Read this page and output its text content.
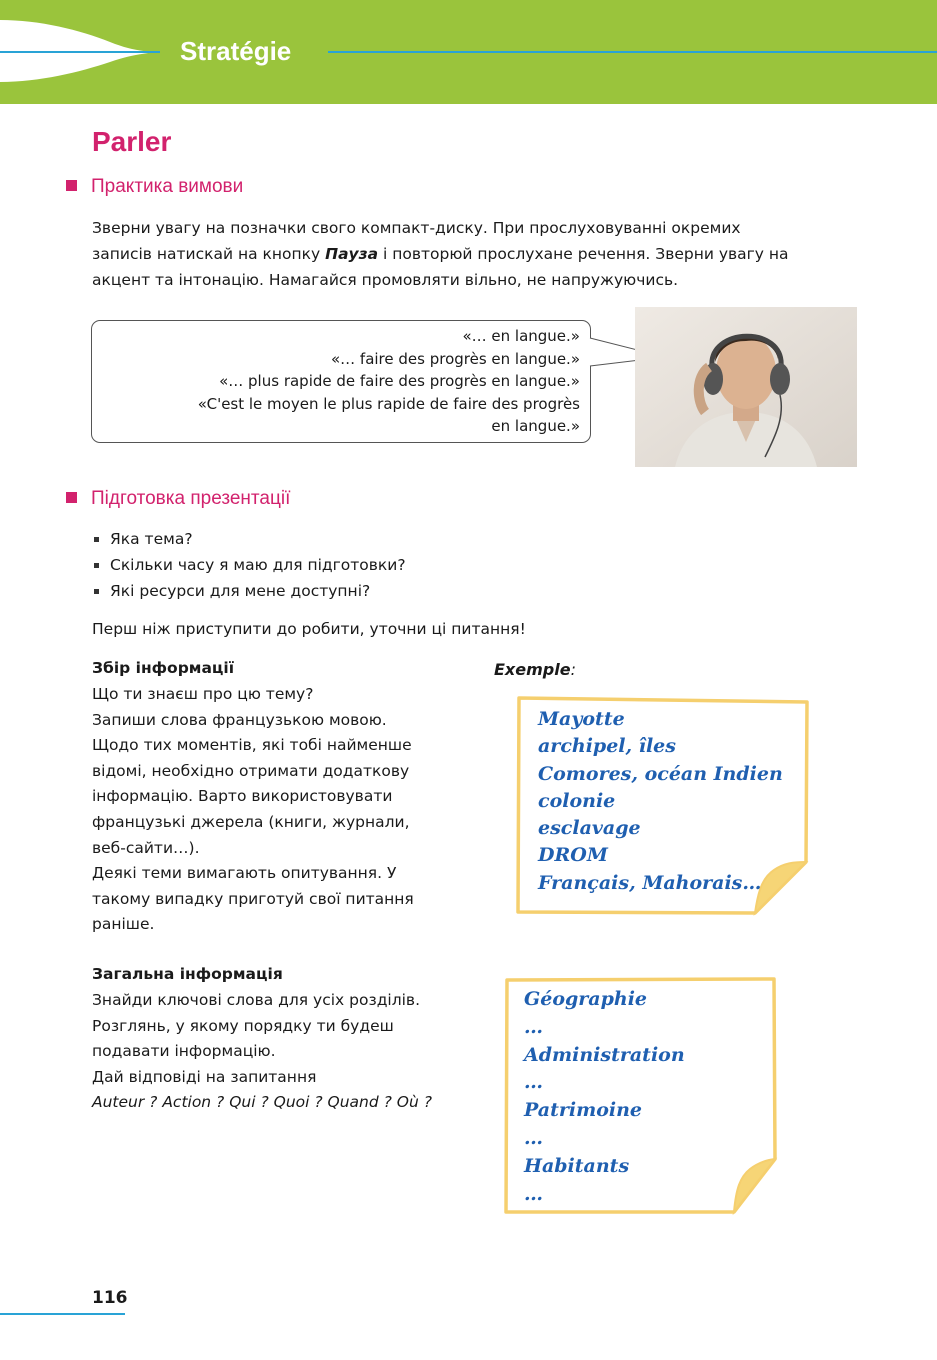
Stratégie
Parler
Практика вимови
Зверни увагу на позначки свого компакт-диску. При прослуховуванні окремих
записів натискай на кнопку Пауза і повторюй прослухане речення. Зверни увагу на
акцент та інтонацію. Намагайся промовляти вільно, не напружуючись.
«… en langue.»
«… faire des progrès en langue.»
«… plus rapide de faire des progrès en langue.»
«C'est le moyen le plus rapide de faire des progrès
en langue.»
Підготовка презентації
Яка тема?
Скільки часу я маю для підготовки?
Які ресурси для мене доступні?
Перш ніж приступити до робити, уточни ці питання!
Збір інформації
Що ти знаєш про цю тему?
Запиши слова французькою мовою.
Щодо тих моментів, які тобі найменше
відомі, необхідно отримати додаткову
інформацію. Варто використовувати
французькі джерела (книги, журнали,
веб-сайти…).
Деякі теми вимагають опитування. У
такому випадку приготуй свої питання
раніше.
Загальна інформація
Знайди ключові слова для усіх розділів.
Розглянь, у якому порядку ти будеш
подавати інформацію.
Дай відповіді на запитання
Auteur ? Action ? Qui ? Quoi ? Quand ? Où ?
Exemple:
Mayotte
archipel, îles
Comores, océan Indien
colonie
esclavage
DROM
Français, Mahorais…
Géographie
…
Administration
…
Patrimoine
…
Habitants
…
116
